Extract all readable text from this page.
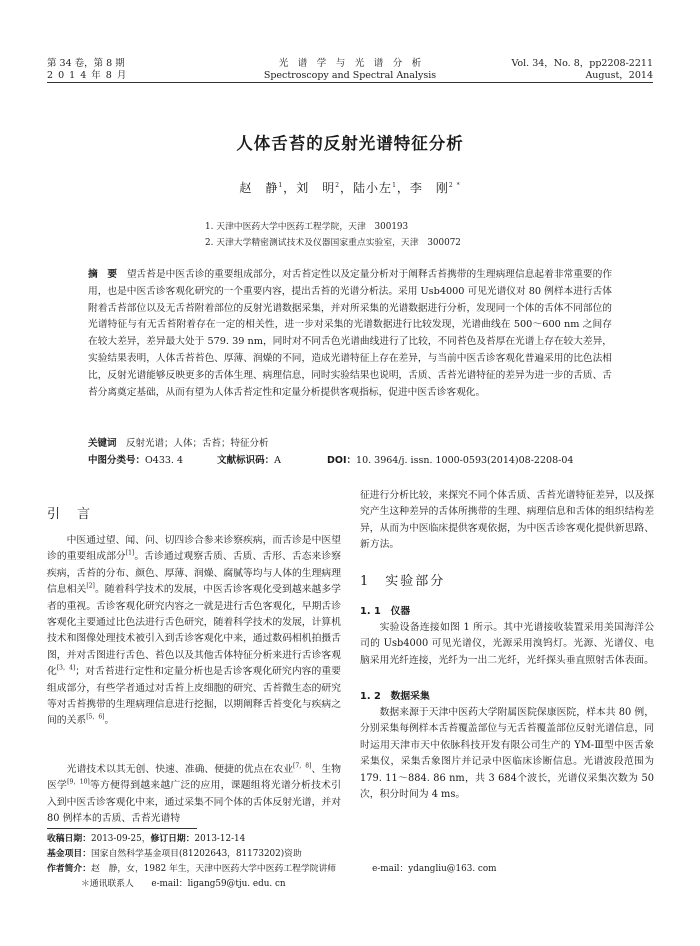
第 34 卷，第 8 期
2 0 1 4 年 8 月
光　谱　学　与　光　谱　分　析
Spectroscopy and Spectral Analysis
Vol. 34，No. 8，pp2208-2211
August，2014
人体舌苔的反射光谱特征分析
赵　静$^1$，刘　明$^2$，陆小左$^1$，李　刚$^{2 *}$
1. 天津中医药大学中医药工程学院，天津　300193
2. 天津大学精密测试技术及仪器国家重点实验室，天津　300072
摘　要　 望舌苔是中医舌诊的重要组成部分，对舌苔定性以及定量分析对于阐释舌苔携带的生理病理信息起着非常重要的作用，也是中医舌诊客观化研究的一个重要内容，提出舌苔的光谱分析法。采用 Usb4000 可见光谱仪对 80 例样本进行舌体附着舌苔部位以及无舌苔附着部位的反射光谱数据采集，并对所采集的光谱数据进行分析，发现同一个体的舌体不同部位的光谱特征与有无舌苔附着存在一定的相关性，进一步对采集的光谱数据进行比较发现，光谱曲线在 500～600 nm 之间存在较大差异，差异最大处于 579. 39 nm，同时对不同舌色光谱曲线进行了比较，不同苔色及苔厚在光谱上存在较大差异，实验结果表明，人体舌苔苔色、厚薄、润燥的不同，造成光谱特征上存在差异，与当前中医舌诊客观化普遍采用的比色法相比，反射光谱能够反映更多的舌体生理、病理信息，同时实验结果也说明，舌质、舌苔光谱特征的差异为进一步的舌质、舌苔分离奠定基础，从而有望为人体舌苔定性和定量分析提供客观指标，促进中医舌诊客观化。
关键词　 反射光谱；人体；舌苔；特征分析
中图分类号：O433. 4	文献标识码：A	DOI：10. 3964/j. issn. 1000-0593(2014)08-2208-04
引　言
中医通过望、闻、问、切四诊合参来诊察疾病，而舌诊是中医望诊的重要组成部分[1]。舌诊通过观察舌质、舌质、舌形、舌态来诊察疾病，舌苔的分布、颜色、厚薄、润燥、腐腻等均与人体的生理病理信息相关[2]。随着科学技术的发展，中医舌诊客观化受到越来越多学者的重视。舌诊客观化研究内容之一就是进行舌色客观化，早期舌诊客观化主要通过比色法进行舌色研究，随着科学技术的发展，计算机技术和图像处理技术被引入到舌诊客观化中来，通过数码相机拍摄舌图，并对舌图进行舌色、苔色以及其他舌体特征分析来进行舌诊客观化[3，4]；对舌苔进行定性和定量分析也是舌诊客观化研究内容的重要组成部分，有些学者通过对舌苔上皮细胞的研究、舌苔微生态的研究等对舌苔携带的生理病理信息进行挖掘，以期阐释舌苔变化与疾病之间的关系[5，6]。
光谱技术以其无创、快速、准确、便捷的优点在农业[7，8]、生物医学[9，10]等方便得到越来越广泛的应用，课题组将光谱分析技术引入到中医舌诊客观化中来，通过采集不同个体的舌体反射光谱，并对 80 例样本的舌质、舌苔光谱特
征进行分析比较，来探究不同个体舌质、舌苔光谱特征差异，以及探究产生这种差异的舌体所携带的生理、病理信息和舌体的组织结构差异，从而为中医临床提供客观依据，为中医舌诊客观化提供新思路、新方法。
1　实验部分
1. 1　仪器
实验设备连接如图 1 所示。其中光谱接收装置采用美国海洋公司的 Usb4000 可见光谱仪，光源采用溴钨灯。光源、光谱仪、电脑采用光纤连接，光纤为一出二光纤，光纤探头垂直照射舌体表面。
1. 2　数据采集
数据来源于天津中医药大学附属医院保康医院，样本共 80 例，分别采集每例样本舌苔覆盖部位与无舌苔覆盖部位反射光谱信息，同时运用天津市天中依脉科技开发有限公司生产的 YM-Ⅲ型中医舌象采集仪，采集舌象图片并记录中医临床诊断信息。光谱波段范围为 179. 11～884. 86 nm，共 3 684个波长，光谱仪采集次数为 50 次，积分时间为 4 ms。
收稿日期：2013-09-25，修订日期：2013-12-14
基金项目：国家自然科学基金项目(81202643，81173202)资助
作者简介：赵　静，女，1982 年生，天津中医药大学中医药工程学院讲师	e-mail：ydangliu@163. com
＊通讯联系人　　e-mail：ligang59@tju. edu. cn
